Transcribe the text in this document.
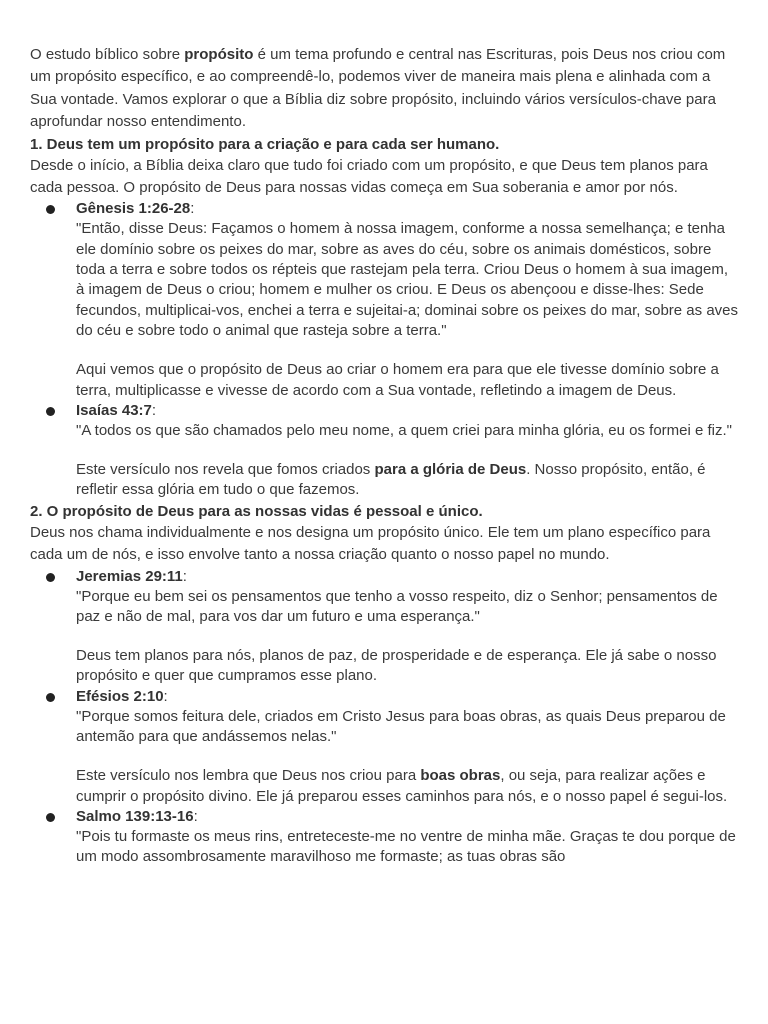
O estudo bíblico sobre propósito é um tema profundo e central nas Escrituras, pois Deus nos criou com um propósito específico, e ao compreendê-lo, podemos viver de maneira mais plena e alinhada com a Sua vontade. Vamos explorar o que a Bíblia diz sobre propósito, incluindo vários versículos-chave para aprofundar nosso entendimento.

1. Deus tem um propósito para a criação e para cada ser humano.

Desde o início, a Bíblia deixa claro que tudo foi criado com um propósito, e que Deus tem planos para cada pessoa. O propósito de Deus para nossas vidas começa em Sua soberania e amor por nós.

Gênesis 1:26-28:

"Então, disse Deus: Façamos o homem à nossa imagem, conforme a nossa semelhança; e tenha ele domínio sobre os peixes do mar, sobre as aves do céu, sobre os animais domésticos, sobre toda a terra e sobre todos os répteis que rastejam pela terra. Criou Deus o homem à sua imagem, à imagem de Deus o criou; homem e mulher os criou. E Deus os abençoou e disse-lhes: Sede fecundos, multiplicai-vos, enchei a terra e sujeitai-a; dominai sobre os peixes do mar, sobre as aves do céu e sobre todo o animal que rasteja sobre a terra."

Aqui vemos que o propósito de Deus ao criar o homem era para que ele tivesse domínio sobre a terra, multiplicasse e vivesse de acordo com a Sua vontade, refletindo a imagem de Deus.

Isaías 43:7:

"A todos os que são chamados pelo meu nome, a quem criei para minha glória, eu os formei e fiz."

Este versículo nos revela que fomos criados para a glória de Deus. Nosso propósito, então, é refletir essa glória em tudo o que fazemos.

2. O propósito de Deus para as nossas vidas é pessoal e único.

Deus nos chama individualmente e nos designa um propósito único. Ele tem um plano específico para cada um de nós, e isso envolve tanto a nossa criação quanto o nosso papel no mundo.

Jeremias 29:11:

"Porque eu bem sei os pensamentos que tenho a vosso respeito, diz o Senhor; pensamentos de paz e não de mal, para vos dar um futuro e uma esperança."

Deus tem planos para nós, planos de paz, de prosperidade e de esperança. Ele já sabe o nosso propósito e quer que cumpramos esse plano.

Efésios 2:10:

"Porque somos feitura dele, criados em Cristo Jesus para boas obras, as quais Deus preparou de antemão para que andássemos nelas."

Este versículo nos lembra que Deus nos criou para boas obras, ou seja, para realizar ações e cumprir o propósito divino. Ele já preparou esses caminhos para nós, e o nosso papel é segui-los.

Salmo 139:13-16:

"Pois tu formaste os meus rins, entreteceste-me no ventre de minha mãe. Graças te dou porque de um modo assombrosamente maravilhoso me formaste; as tuas obras são
